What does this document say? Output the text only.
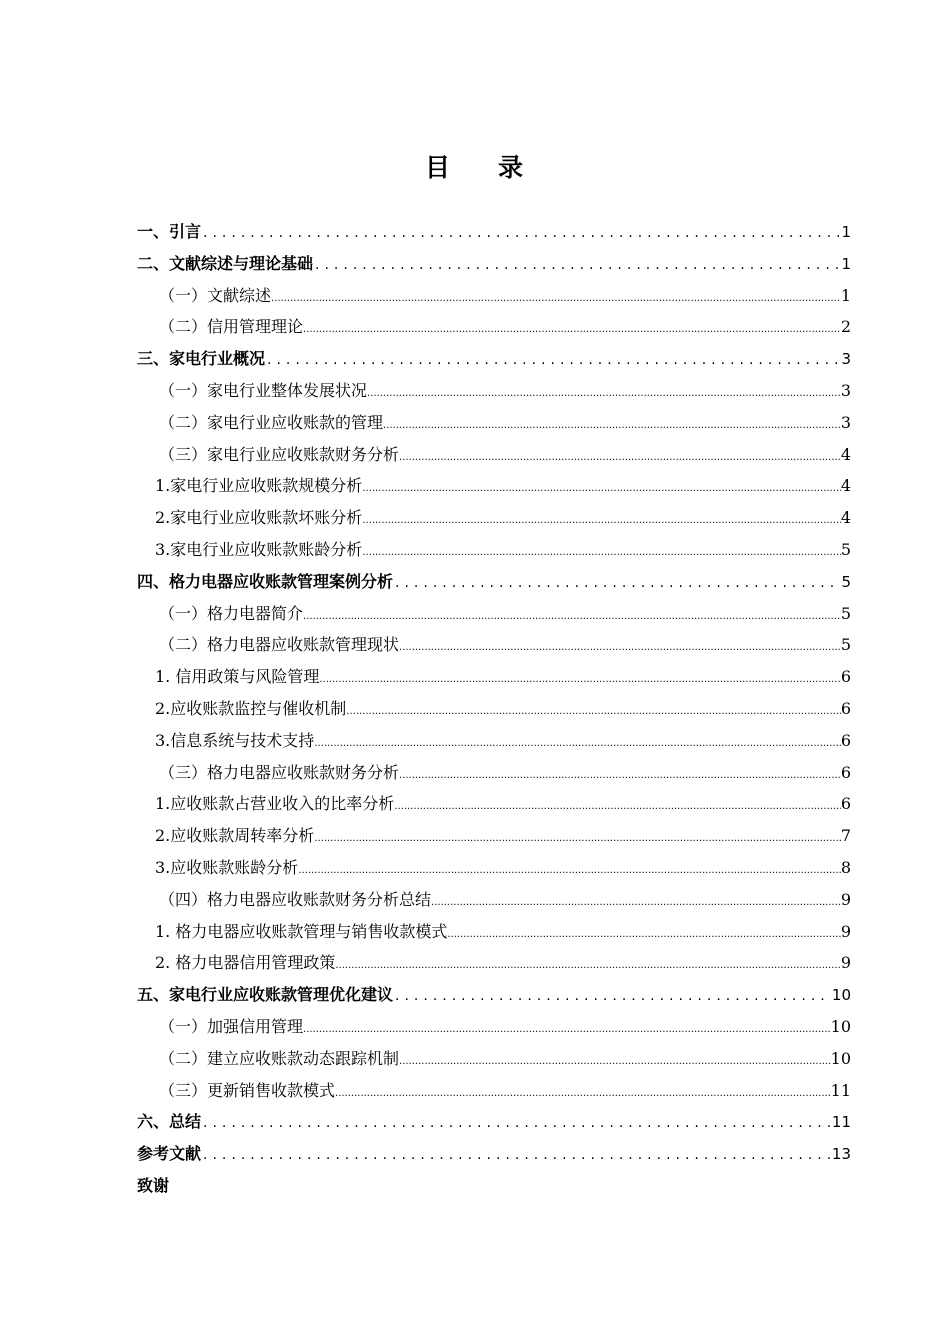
目 录
一、引言 .....	1
二、文献综述与理论基础 .....	1
（一）文献综述 .....	1
（二）信用管理理论 .....	2
三、家电行业概况 .....	3
（一）家电行业整体发展状况 .....	3
（二）家电行业应收账款的管理 .....	3
（三）家电行业应收账款财务分析 .....	4
1.家电行业应收账款规模分析 .....	4
2.家电行业应收账款坏账分析 .....	4
3.家电行业应收账款账龄分析 .....	5
四、格力电器应收账款管理案例分析 .....	5
（一）格力电器简介 .....	5
（二）格力电器应收账款管理现状 .....	5
1. 信用政策与风险管理 .....	6
2.应收账款监控与催收机制 .....	6
3.信息系统与技术支持 .....	6
（三）格力电器应收账款财务分析 .....	6
1.应收账款占营业收入的比率分析 .....	6
2.应收账款周转率分析 .....	7
3.应收账款账龄分析 .....	8
（四）格力电器应收账款财务分析总结 .....	9
1. 格力电器应收账款管理与销售收款模式 .....	9
2. 格力电器信用管理政策 .....	9
五、家电行业应收账款管理优化建议 .....	10
（一）加强信用管理 .....	10
（二）建立应收账款动态跟踪机制 .....	10
（三）更新销售收款模式 .....	11
六、总结 .....	11
参考文献 .....	13
致谢
